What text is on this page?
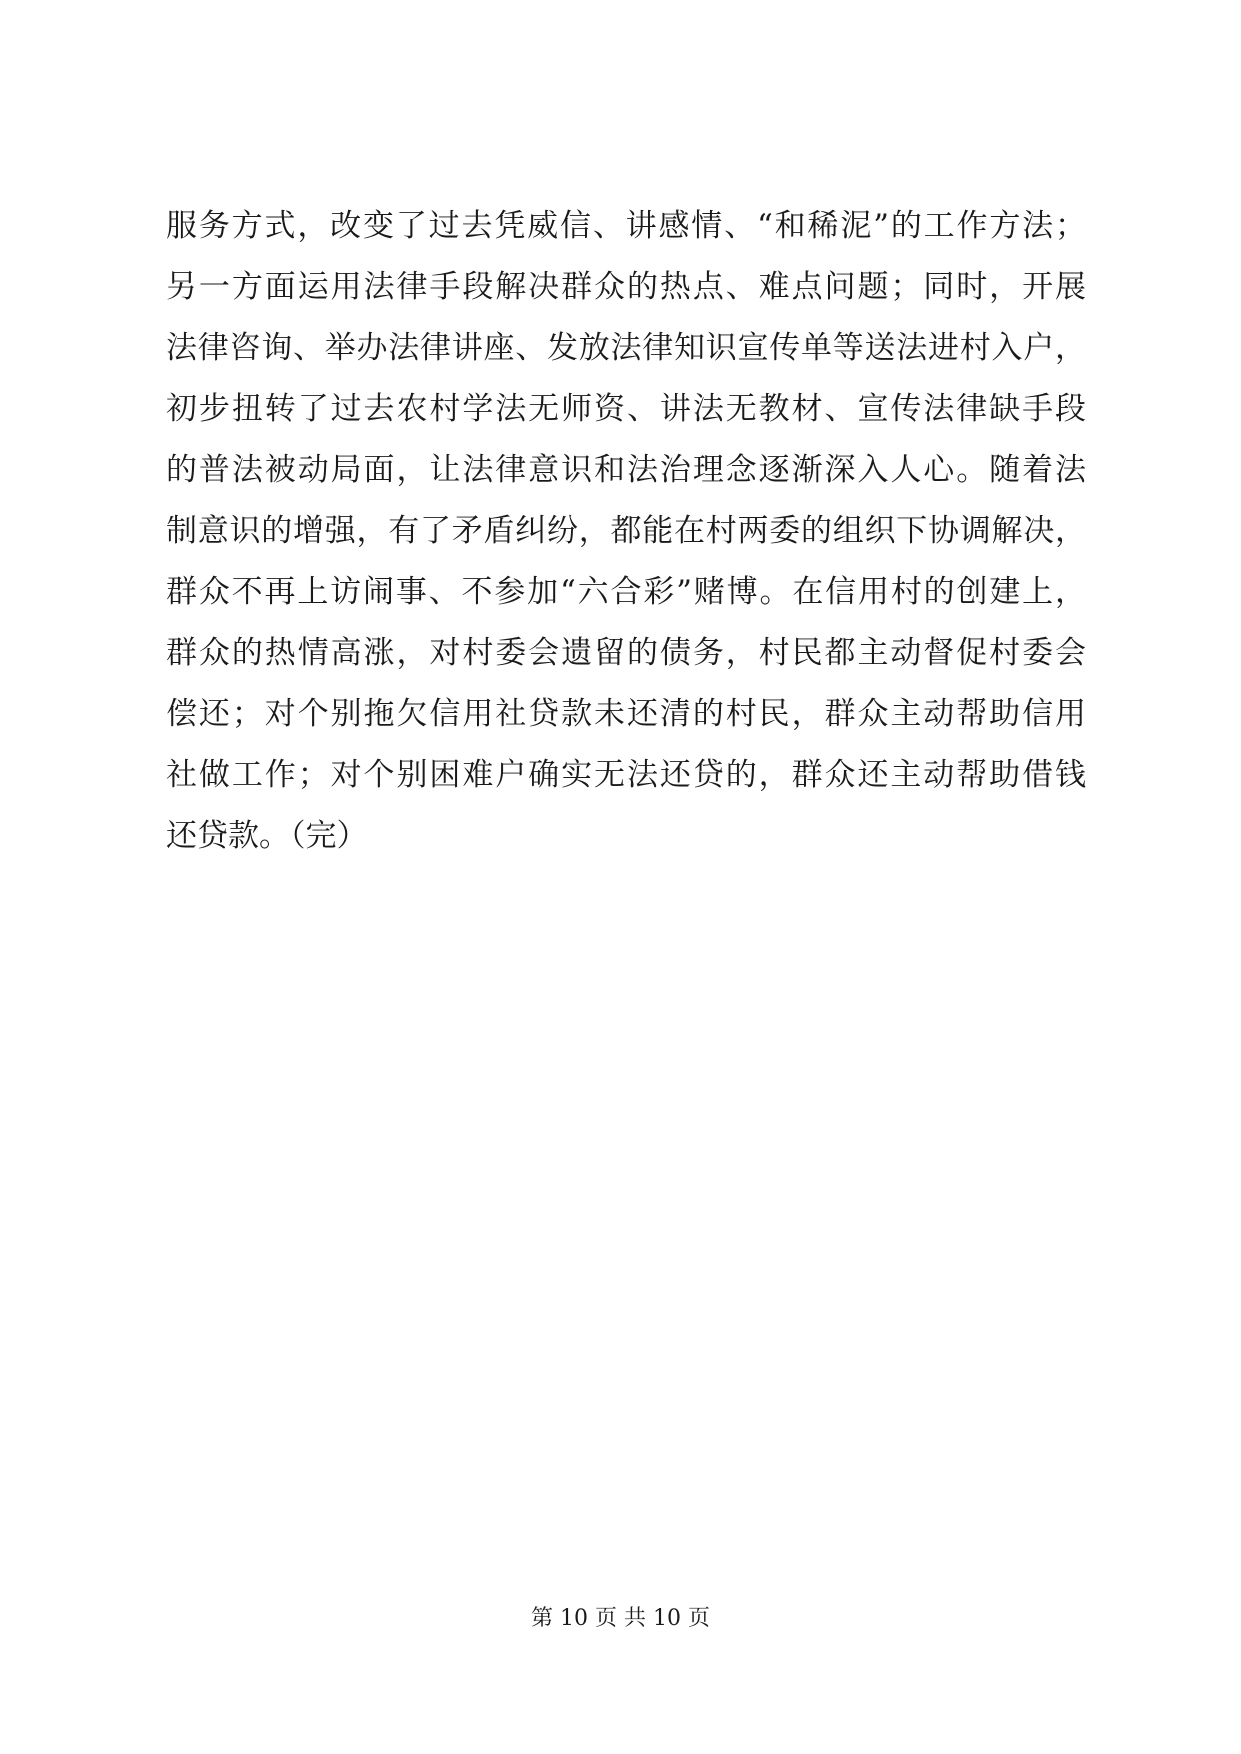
服务方式，改变了过去凭威信、讲感情、“和稀泥”的工作方法；
另一方面运用法律手段解决群众的热点、难点问题；同时，开展
法律咨询、举办法律讲座、发放法律知识宣传单等送法进村入户，
初步扭转了过去农村学法无师资、讲法无教材、宣传法律缺手段
的普法被动局面，让法律意识和法治理念逐渐深入人心。随着法
制意识的增强，有了矛盾纠纷，都能在村两委的组织下协调解决，
群众不再上访闹事、不参加“六合彩”赌博。在信用村的创建上，
群众的热情高涨，对村委会遗留的债务，村民都主动督促村委会
偿还；对个别拖欠信用社贷款未还清的村民，群众主动帮助信用
社做工作；对个别困难户确实无法还贷的，群众还主动帮助借钱
还贷款。（完）
第 10 页 共 10 页
